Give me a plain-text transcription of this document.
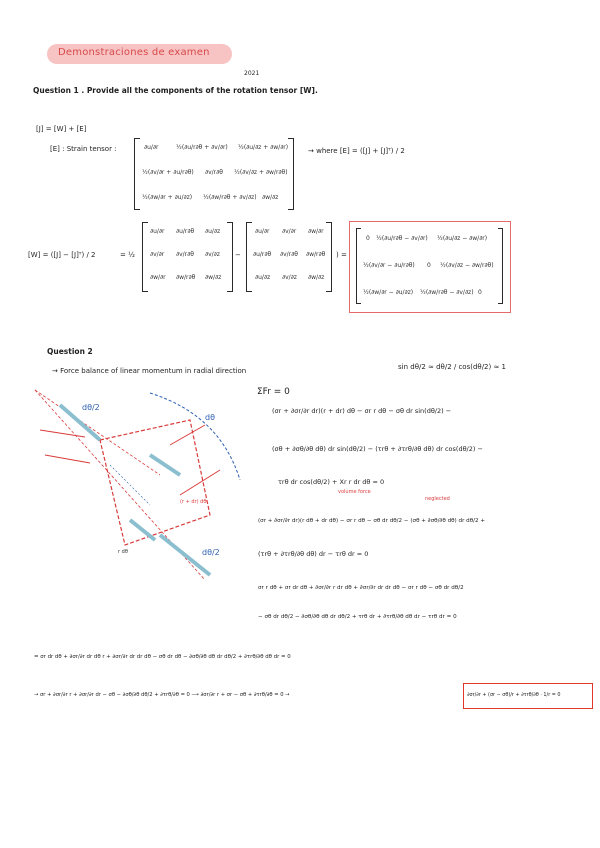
Demonstraciones de examen
2021
Question 1 . Provide all the components of the rotation tensor [W].
[J] = [W] + [E]
[E] : Strain tensor :	→ where [E] = ([J] + [J]ᵀ) / 2
∂u/∂r	½(∂u/r∂θ + ∂v/∂r) ½(∂u/∂z + ∂w/∂r)
½(∂v/∂r + ∂u/r∂θ) ∂v/r∂θ ½(∂v/∂z + ∂w/r∂θ)
½(∂w/∂r + ∂u/∂z) ½(∂w/r∂θ + ∂v/∂z) ∂w/∂z
[W] = ([J] − [J]ᵀ) / 2	= ½
∂u/∂r ∂u/r∂θ ∂u/∂z
∂v/∂r ∂v/r∂θ ∂v/∂z
∂w/∂r ∂w/r∂θ ∂w/∂z
−
∂u/∂r ∂v/∂r ∂w/∂r
∂u/r∂θ ∂v/r∂θ ∂w/r∂θ
∂u/∂z ∂v/∂z ∂w/∂z
) =
0 ½(∂u/r∂θ − ∂v/∂r) ½(∂u/∂z − ∂w/∂r)
½(∂v/∂r − ∂u/r∂θ) 0 ½(∂v/∂z − ∂w/r∂θ)
½(∂w/∂r − ∂u/∂z) ½(∂w/r∂θ − ∂v/∂z) 0
Question 2
→ Force balance of linear momentum in radial direction	sin dθ/2 ≈ dθ/2 / cos(dθ/2) ≈ 1
ΣFr = 0
dθ/2
dθ
(r + dr) dθ
dθ/2
r dθ
(σr + ∂σr/∂r dr)(r + dr) dθ − σr r dθ − σθ dr sin(dθ/2) −
(σθ + ∂σθ/∂θ dθ) dr sin(dθ/2) − (τrθ + ∂τrθ/∂θ dθ) dr cos(dθ/2) −
τrθ dr cos(dθ/2) + Xr r dr dθ = 0
volume force
neglected
(σr + ∂σr/∂r dr)(r dθ + dr dθ) − σr r dθ − σθ dr dθ/2 − (σθ + ∂σθ/∂θ dθ) dr dθ/2 +
(τrθ + ∂τrθ/∂θ dθ) dr − τrθ dr = 0
σr r dθ + σr dr dθ + ∂σr/∂r r dr dθ + ∂σr/∂r dr dr dθ − σr r dθ − σθ dr dθ/2
− σθ dr dθ/2 − ∂σθ/∂θ dθ dr dθ/2 + τrθ dr + ∂τrθ/∂θ dθ dr − τrθ dr = 0
= σr dr dθ + ∂σr/∂r dr dθ r + ∂σr/∂r dr dr dθ − σθ dr dθ − ∂σθ/∂θ dθ dr dθ/2 + ∂τrθ/∂θ dθ dr = 0
→ σr + ∂σr/∂r r + ∂σr/∂r dr − σθ − ∂σθ/∂θ dθ/2 + ∂τrθ/∂θ = 0 ⟶ ∂σr/∂r r + σr − σθ + ∂τrθ/∂θ = 0 →	∂σr/∂r + (σr − σθ)/r + ∂τrθ/∂θ · 1/r = 0
